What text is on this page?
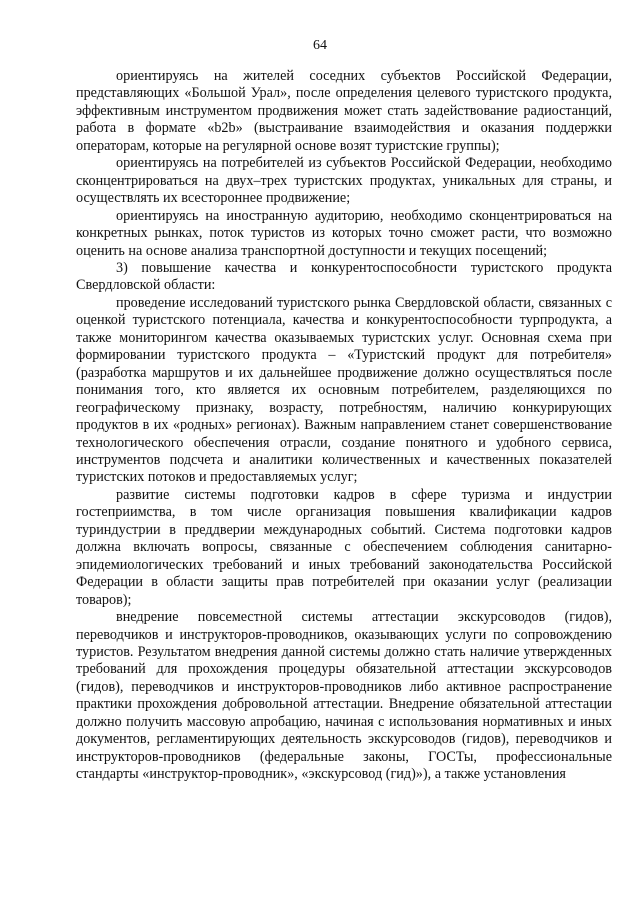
64

ориентируясь на жителей соседних субъектов Российской Федерации, представляющих «Большой Урал», после определения целевого туристского продукта, эффективным инструментом продвижения может стать задействование радиостанций, работа в формате «b2b» (выстраивание взаимодействия и оказания поддержки операторам, которые на регулярной основе возят туристские группы);

ориентируясь на потребителей из субъектов Российской Федерации, необходимо сконцентрироваться на двух–трех туристских продуктах, уникальных для страны, и осуществлять их всестороннее продвижение;

ориентируясь на иностранную аудиторию, необходимо сконцентрироваться на конкретных рынках, поток туристов из которых точно сможет расти, что возможно оценить на основе анализа транспортной доступности и текущих посещений;

3) повышение качества и конкурентоспособности туристского продукта Свердловской области:

проведение исследований туристского рынка Свердловской области, связанных с оценкой туристского потенциала, качества и конкурентоспособности турпродукта, а также мониторингом качества оказываемых туристских услуг. Основная схема при формировании туристского продукта – «Туристский продукт для потребителя» (разработка маршрутов и их дальнейшее продвижение должно осуществляться после понимания того, кто является их основным потребителем, разделяющихся по географическому признаку, возрасту, потребностям, наличию конкурирующих продуктов в их «родных» регионах). Важным направлением станет совершенствование технологического обеспечения отрасли, создание понятного и удобного сервиса, инструментов подсчета и аналитики количественных и качественных показателей туристских потоков и предоставляемых услуг;

развитие системы подготовки кадров в сфере туризма и индустрии гостеприимства, в том числе организация повышения квалификации кадров туриндустрии в преддверии международных событий. Система подготовки кадров должна включать вопросы, связанные с обеспечением соблюдения санитарно-эпидемиологических требований и иных требований законодательства Российской Федерации в области защиты прав потребителей при оказании услуг (реализации товаров);

внедрение повсеместной системы аттестации экскурсоводов (гидов), переводчиков и инструкторов-проводников, оказывающих услуги по сопровождению туристов. Результатом внедрения данной системы должно стать наличие утвержденных требований для прохождения процедуры обязательной аттестации экскурсоводов (гидов), переводчиков и инструкторов-проводников либо активное распространение практики прохождения добровольной аттестации. Внедрение обязательной аттестации должно получить массовую апробацию, начиная с использования нормативных и иных документов, регламентирующих деятельность экскурсоводов (гидов), переводчиков и инструкторов-проводников (федеральные законы, ГОСТы, профессиональные стандарты «инструктор-проводник», «экскурсовод (гид)»), а также установления
